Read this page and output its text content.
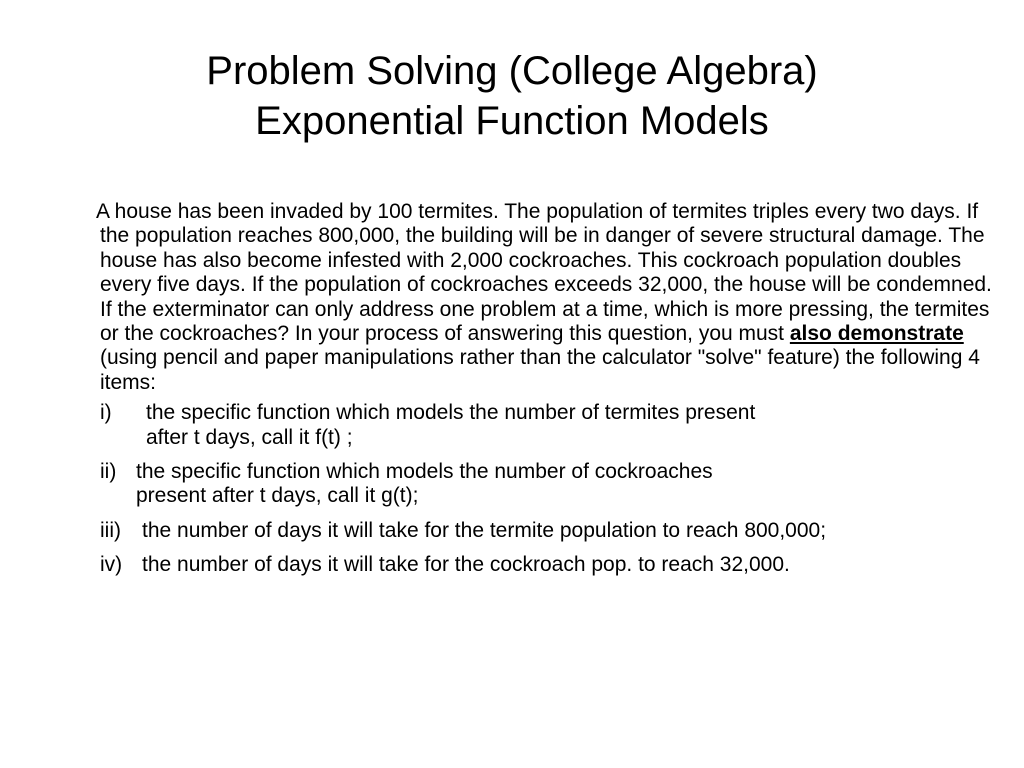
Problem Solving (College Algebra)
Exponential Function Models

A house has been invaded by 100 termites. The population of termites triples every two days. If the population reaches 800,000, the building will be in danger of severe structural damage. The house has also become infested with 2,000 cockroaches. This cockroach population doubles every five days. If the population of cockroaches exceeds 32,000, the house will be condemned. If the exterminator can only address one problem at a time, which is more pressing, the termites or the cockroaches? In your process of answering this question, you must also demonstrate (using pencil and paper manipulations rather than the calculator "solve" feature) the following 4 items:

i) the specific function which models the number of termites present
after t days, call it f(t) ;
ii) the specific function which models the number of cockroaches
present after t days, call it g(t);
iii) the number of days it will take for the termite population to reach 800,000;
iv) the number of days it will take for the cockroach pop. to reach 32,000.
